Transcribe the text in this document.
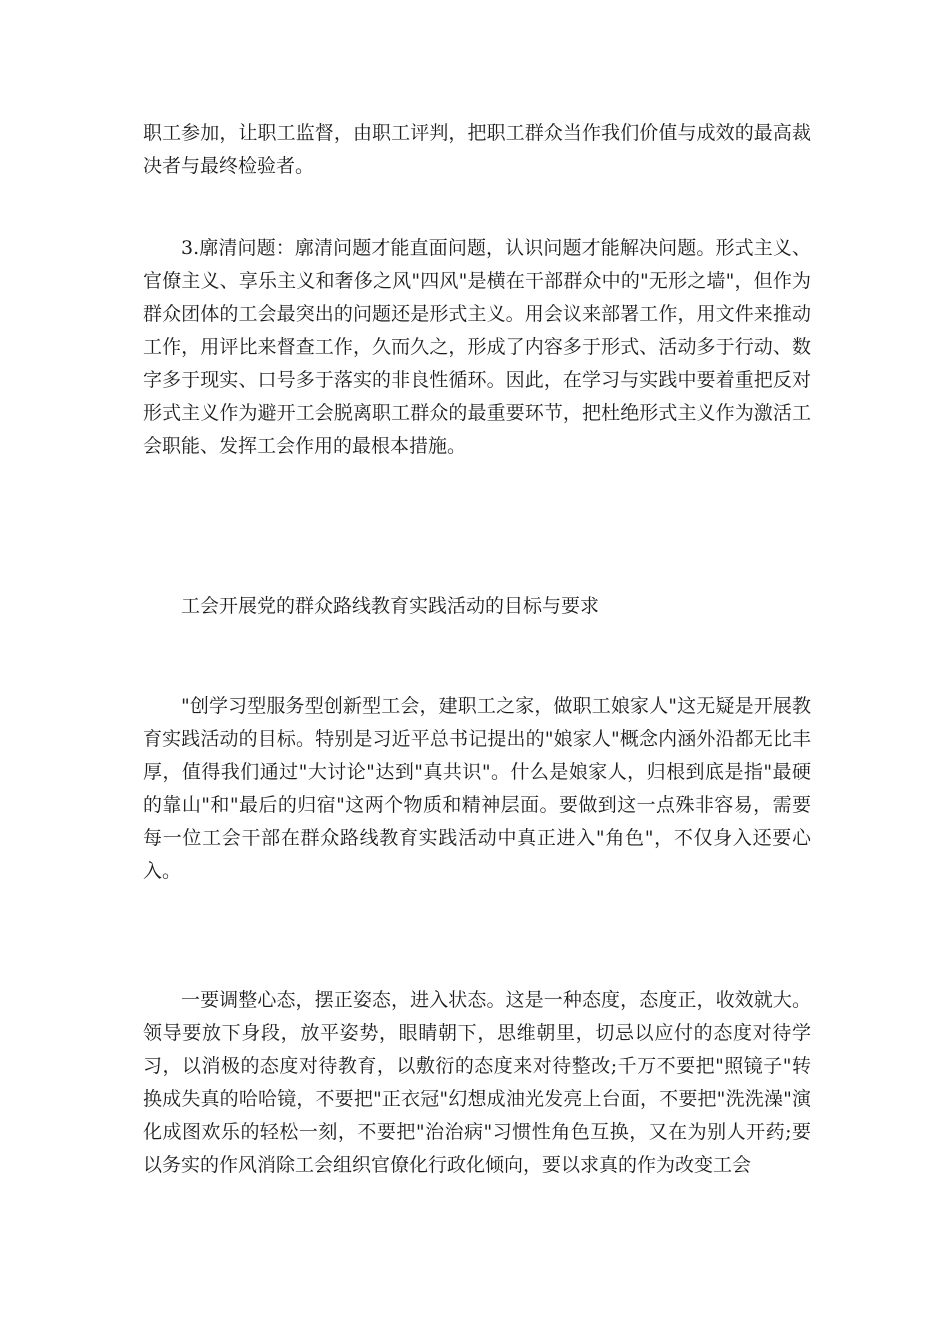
职工参加，让职工监督，由职工评判，把职工群众当作我们价值与成效的最高裁决者与最终检验者。

3.廓清问题：廓清问题才能直面问题，认识问题才能解决问题。形式主义、官僚主义、享乐主义和奢侈之风"四风"是横在干部群众中的"无形之墙"，但作为群众团体的工会最突出的问题还是形式主义。用会议来部署工作，用文件来推动工作，用评比来督查工作，久而久之，形成了内容多于形式、活动多于行动、数字多于现实、口号多于落实的非良性循环。因此，在学习与实践中要着重把反对形式主义作为避开工会脱离职工群众的最重要环节，把杜绝形式主义作为激活工会职能、发挥工会作用的最根本措施。

工会开展党的群众路线教育实践活动的目标与要求

"创学习型服务型创新型工会，建职工之家，做职工娘家人"这无疑是开展教育实践活动的目标。特别是习近平总书记提出的"娘家人"概念内涵外沿都无比丰厚，值得我们通过"大讨论"达到"真共识"。什么是娘家人，归根到底是指"最硬的靠山"和"最后的归宿"这两个物质和精神层面。要做到这一点殊非容易，需要每一位工会干部在群众路线教育实践活动中真正进入"角色"，不仅身入还要心入。

一要调整心态，摆正姿态，进入状态。这是一种态度，态度正，收效就大。领导要放下身段，放平姿势，眼睛朝下，思维朝里，切忌以应付的态度对待学习，以消极的态度对待教育，以敷衍的态度来对待整改;千万不要把"照镜子"转换成失真的哈哈镜，不要把"正衣冠"幻想成油光发亮上台面，不要把"洗洗澡"演化成图欢乐的轻松一刻，不要把"治治病"习惯性角色互换，又在为别人开药;要以务实的作风消除工会组织官僚化行政化倾向，要以求真的作为改变工会
